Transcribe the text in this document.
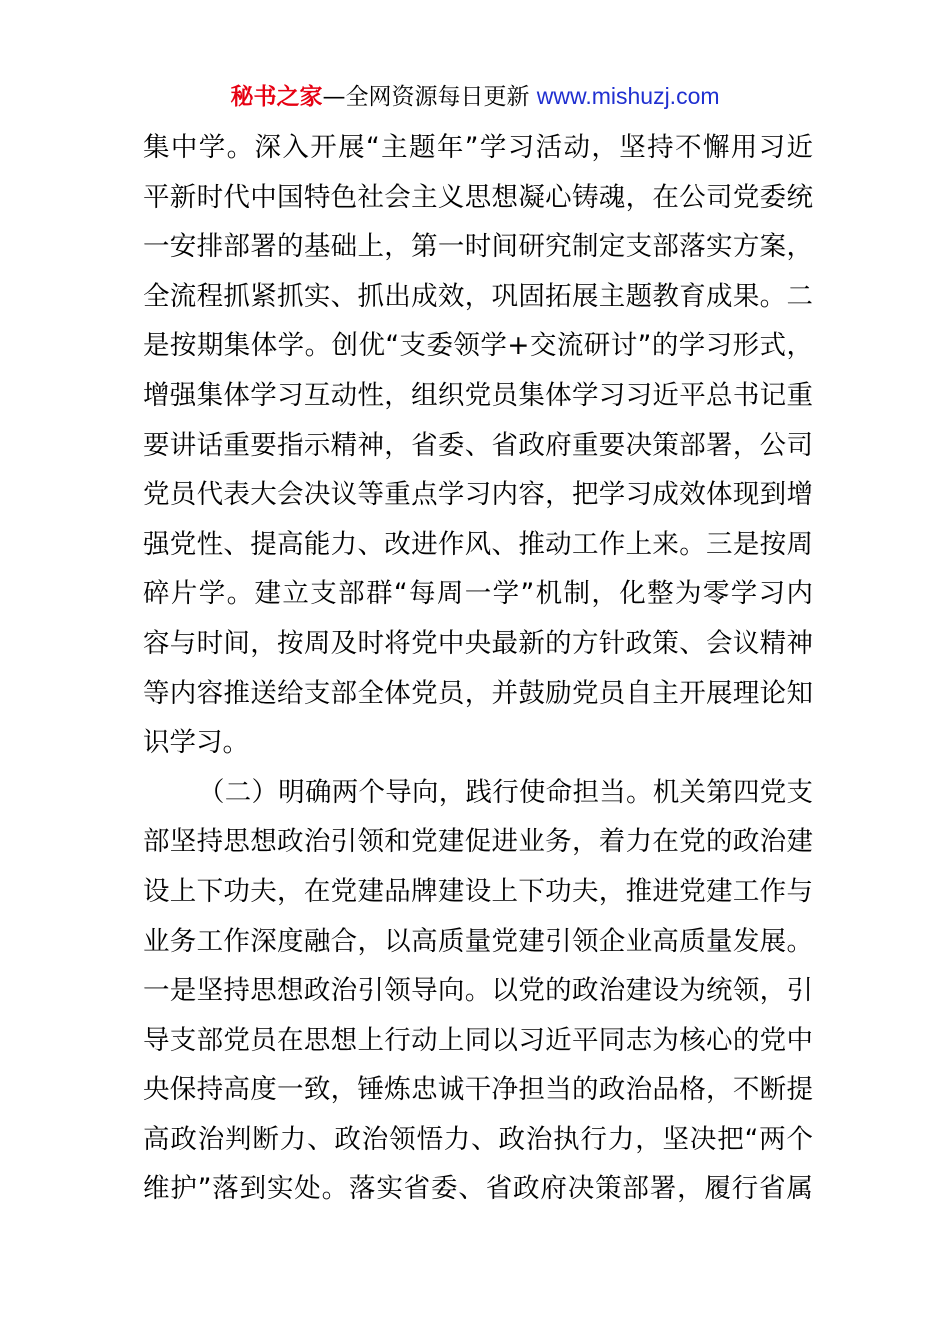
秘书之家—全网资源每日更新 www.mishuzj.com
集中学。深入开展“主题年”学习活动，坚持不懈用习近
平新时代中国特色社会主义思想凝心铸魂，在公司党委统
一安排部署的基础上，第一时间研究制定支部落实方案，
全流程抓紧抓实、抓出成效，巩固拓展主题教育成果。二
是按期集体学。创优“支委领学+交流研讨”的学习形式，
增强集体学习互动性，组织党员集体学习习近平总书记重
要讲话重要指示精神，省委、省政府重要决策部署，公司
党员代表大会决议等重点学习内容，把学习成效体现到增
强党性、提高能力、改进作风、推动工作上来。三是按周
碎片学。建立支部群“每周一学”机制，化整为零学习内
容与时间，按周及时将党中央最新的方针政策、会议精神
等内容推送给支部全体党员，并鼓励党员自主开展理论知
识学习。
（二）明确两个导向，践行使命担当。机关第四党支
部坚持思想政治引领和党建促进业务，着力在党的政治建
设上下功夫，在党建品牌建设上下功夫，推进党建工作与
业务工作深度融合，以高质量党建引领企业高质量发展。
一是坚持思想政治引领导向。以党的政治建设为统领，引
导支部党员在思想上行动上同以习近平同志为核心的党中
央保持高度一致，锤炼忠诚干净担当的政治品格，不断提
高政治判断力、政治领悟力、政治执行力，坚决把“两个
维护”落到实处。落实省委、省政府决策部署，履行省属
